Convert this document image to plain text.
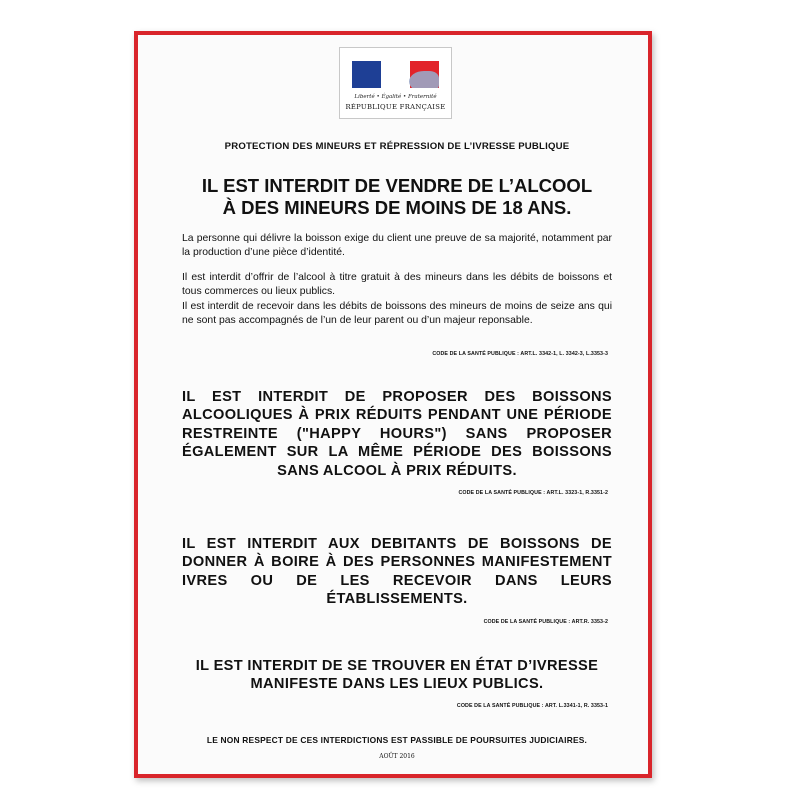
Liberté • Égalité • Fraternité
RÉPUBLIQUE FRANÇAISE

PROTECTION DES MINEURS ET RÉPRESSION DE L’IVRESSE PUBLIQUE

IL EST INTERDIT DE VENDRE DE L’ALCOOL
À DES MINEURS DE MOINS DE 18 ANS.

La personne qui délivre la boisson exige du client une preuve de sa majorité, notamment par la production d’une pièce d’identité.

Il est interdit d’offrir de l’alcool à titre gratuit à des mineurs dans les débits de boissons et tous commerces ou lieux publics.

Il est interdit de recevoir dans les débits de boissons des mineurs de moins de seize ans qui ne sont pas accompagnés de l’un de leur parent ou d’un majeur reponsable.

CODE DE LA SANTÉ PUBLIQUE : ART.L. 3342-1, L. 3342-3, L.3353-3

IL EST INTERDIT DE PROPOSER DES BOISSONS ALCOOLIQUES À PRIX RÉDUITS PENDANT UNE PÉRIODE RESTREINTE ("HAPPY HOURS") SANS PROPOSER ÉGALEMENT SUR LA MÊME PÉRIODE DES BOISSONS SANS ALCOOL À PRIX RÉDUITS.

CODE DE LA SANTÉ PUBLIQUE : ART.L. 3323-1, R.3351-2

IL EST INTERDIT AUX DEBITANTS DE BOISSONS DE DONNER À BOIRE À DES PERSONNES MANIFESTEMENT IVRES OU DE LES RECEVOIR DANS LEURS ÉTABLISSEMENTS.

CODE DE LA SANTÉ PUBLIQUE : ART.R. 3353-2

IL EST INTERDIT DE SE TROUVER EN ÉTAT D’IVRESSE MANIFESTE DANS LES LIEUX PUBLICS.

CODE DE LA SANTÉ PUBLIQUE : ART. L.3341-1, R. 3353-1

LE NON RESPECT DE CES INTERDICTIONS EST PASSIBLE DE POURSUITES JUDICIAIRES.

AOÛT 2016
